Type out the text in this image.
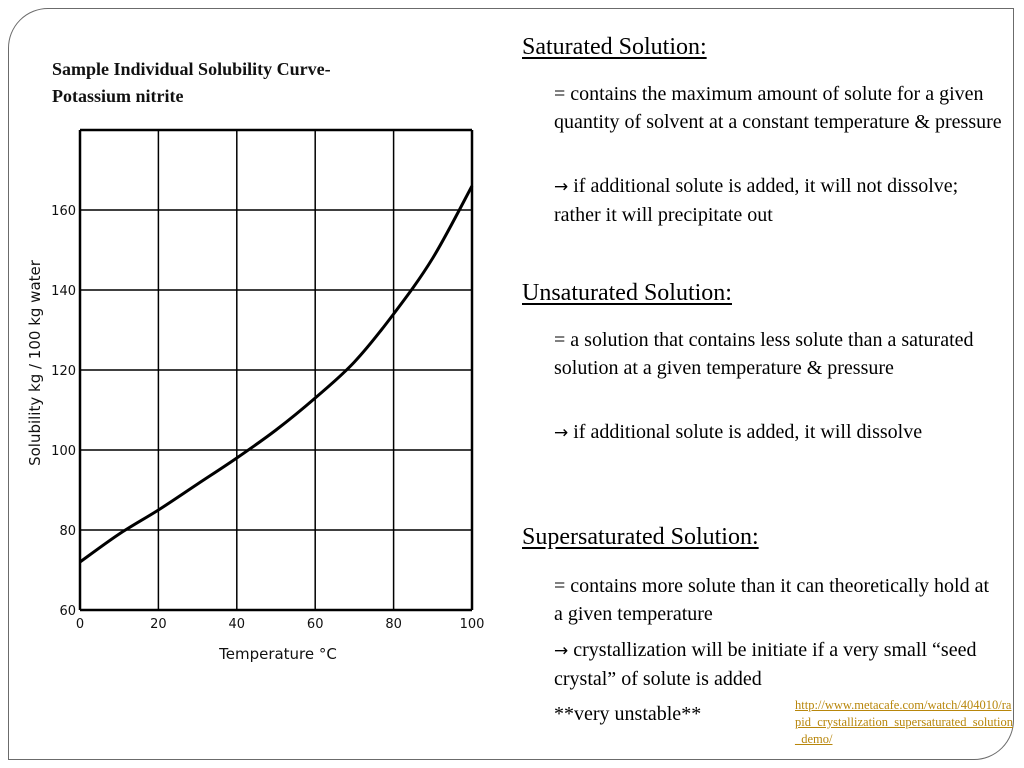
Sample Individual Solubility Curve-
Potassium nitrite
0	20	40	60	80	100
60
80
100
120
140
160
Temperature °C
Solubility kg / 100 kg water
Saturated Solution:
= contains the maximum amount of solute for a given quantity of solvent at a constant temperature & pressure
→ if additional solute is added, it will not dissolve; rather it will precipitate out
Unsaturated Solution:
= a solution that contains less solute than a saturated solution at a given temperature & pressure
→ if additional solute is added, it will dissolve
Supersaturated Solution:
= contains more solute than it can theoretically hold at a given temperature
→ crystallization will be initiate if a very small “seed crystal” of solute is added
**very unstable**	http://www.metacafe.com/watch/404010/rapid_crystallization_supersaturated_solution_demo/
